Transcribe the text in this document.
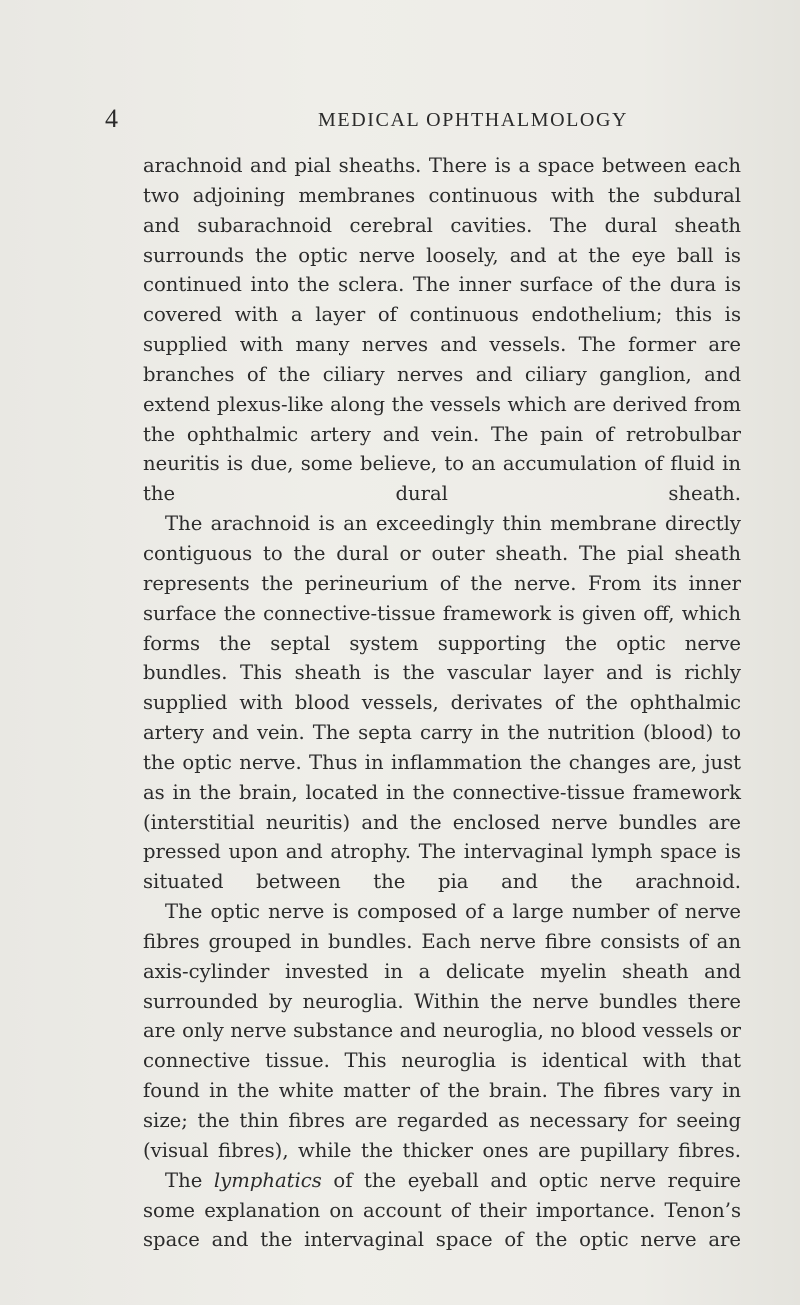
4	MEDICAL OPHTHALMOLOGY

arachnoid and pial sheaths. There is a space between each two adjoining membranes continuous with the subdural and subarachnoid cerebral cavities. The dural sheath surrounds the optic nerve loosely, and at the eye ball is continued into the sclera. The inner surface of the dura is covered with a layer of continuous endothelium; this is supplied with many nerves and vessels. The former are branches of the ciliary nerves and ciliary ganglion, and extend plexus-like along the vessels which are derived from the ophthalmic artery and vein. The pain of retrobulbar neuritis is due, some believe, to an accumulation of fluid in the dural sheath.

The arachnoid is an exceedingly thin membrane directly contiguous to the dural or outer sheath. The pial sheath represents the perineurium of the nerve. From its inner surface the connective-tissue framework is given off, which forms the septal system supporting the optic nerve bundles. This sheath is the vascular layer and is richly supplied with blood vessels, derivates of the ophthalmic artery and vein. The septa carry in the nutrition (blood) to the optic nerve. Thus in inflammation the changes are, just as in the brain, located in the connective-tissue framework (interstitial neuritis) and the enclosed nerve bundles are pressed upon and atrophy. The intervaginal lymph space is situated between the pia and the arachnoid.

The optic nerve is composed of a large number of nerve fibres grouped in bundles. Each nerve fibre consists of an axis-cylinder invested in a delicate myelin sheath and surrounded by neuroglia. Within the nerve bundles there are only nerve substance and neuroglia, no blood vessels or connective tissue. This neuroglia is identical with that found in the white matter of the brain. The fibres vary in size; the thin fibres are regarded as necessary for seeing (visual fibres), while the thicker ones are pupillary fibres.

The lymphatics of the eyeball and optic nerve require some explanation on account of their importance. Tenon’s space and the intervaginal space of the optic nerve are
